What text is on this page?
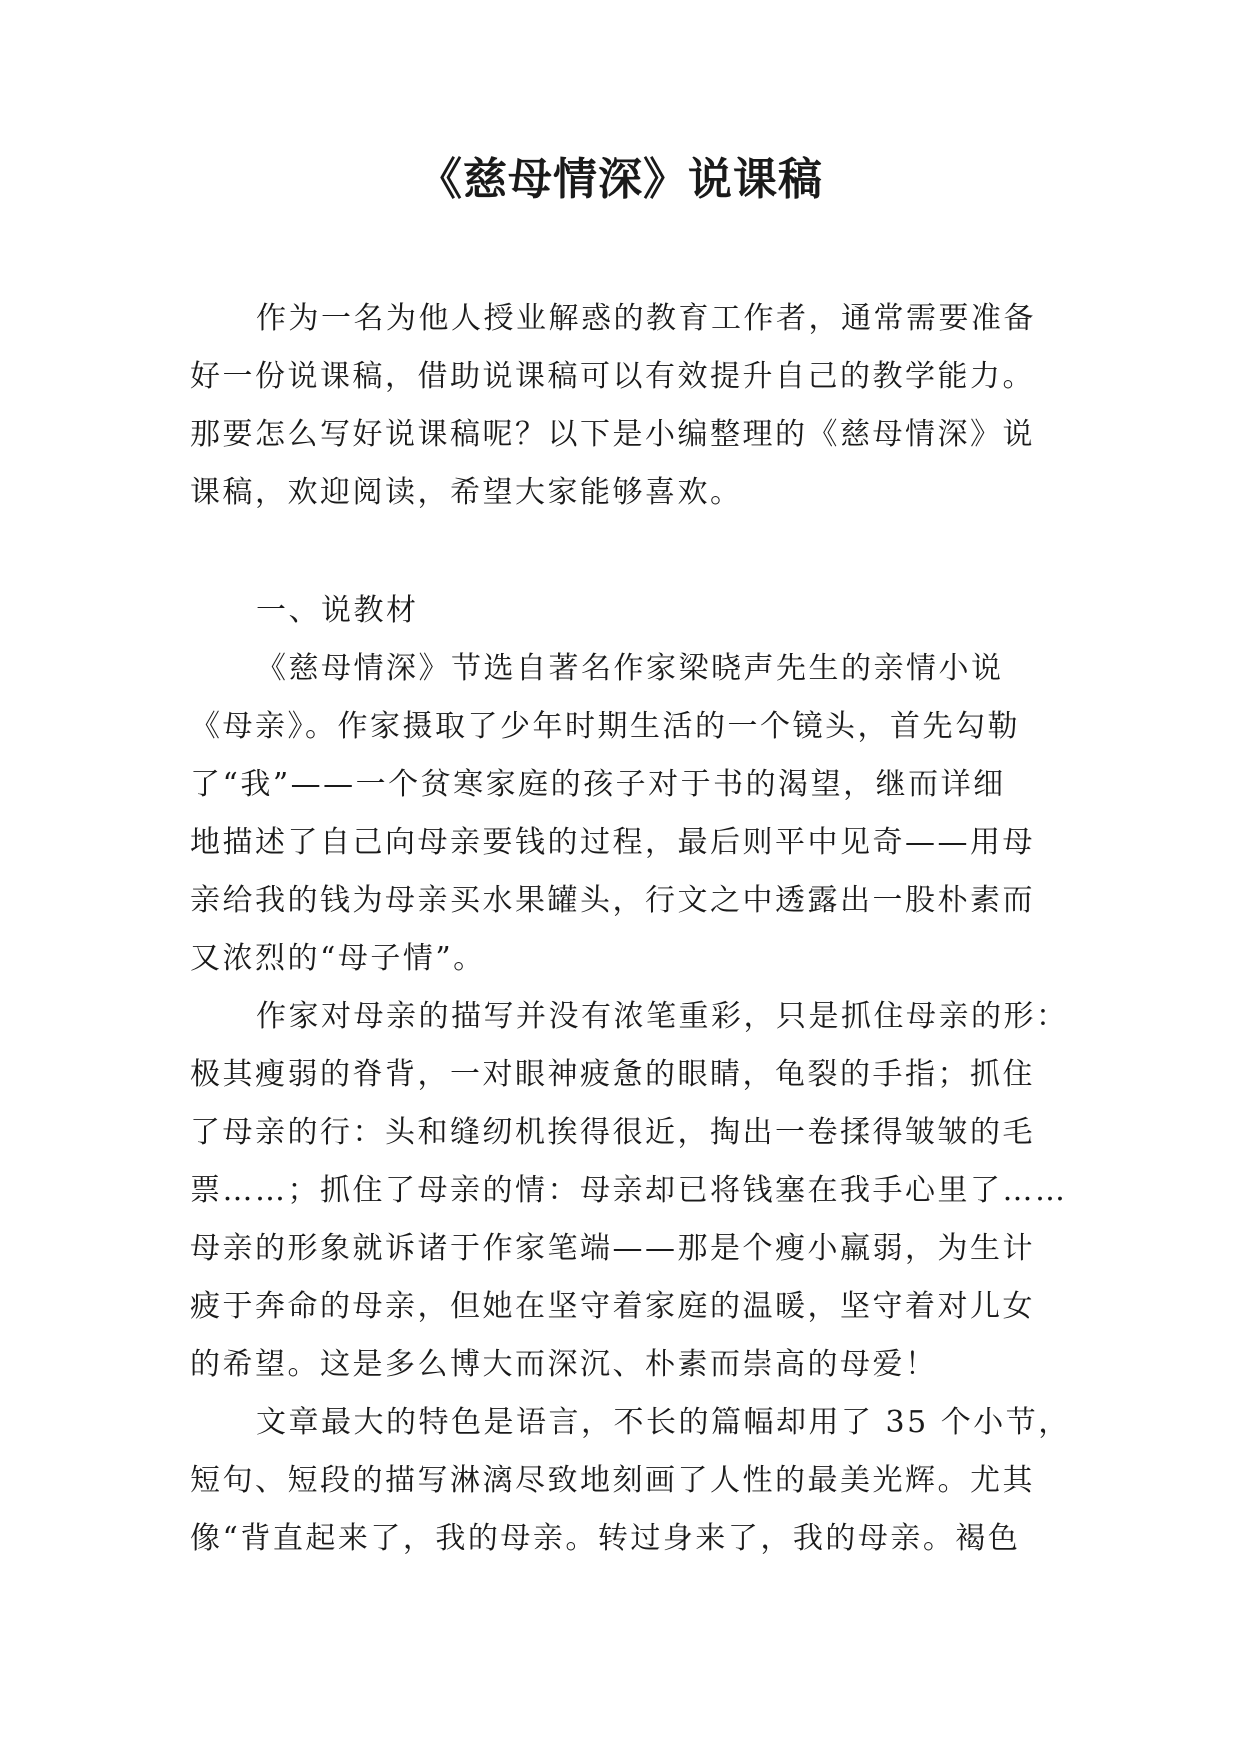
《慈母情深》说课稿
作为一名为他人授业解惑的教育工作者，通常需要准备
好一份说课稿，借助说课稿可以有效提升自己的教学能力。
那要怎么写好说课稿呢？以下是小编整理的《慈母情深》说
课稿，欢迎阅读，希望大家能够喜欢。
一、说教材
《慈母情深》节选自著名作家梁晓声先生的亲情小说
《母亲》。作家摄取了少年时期生活的一个镜头，首先勾勒
了“我”——一个贫寒家庭的孩子对于书的渴望，继而详细
地描述了自己向母亲要钱的过程，最后则平中见奇——用母
亲给我的钱为母亲买水果罐头，行文之中透露出一股朴素而
又浓烈的“母子情”。
作家对母亲的描写并没有浓笔重彩，只是抓住母亲的形：
极其瘦弱的脊背，一对眼神疲惫的眼睛，龟裂的手指；抓住
了母亲的行：头和缝纫机挨得很近，掏出一卷揉得皱皱的毛
票……；抓住了母亲的情：母亲却已将钱塞在我手心里了……
母亲的形象就诉诸于作家笔端——那是个瘦小羸弱，为生计
疲于奔命的母亲，但她在坚守着家庭的温暖，坚守着对儿女
的希望。这是多么博大而深沉、朴素而崇高的母爱！
文章最大的特色是语言，不长的篇幅却用了 35 个小节，
短句、短段的描写淋漓尽致地刻画了人性的最美光辉。尤其
像“背直起来了，我的母亲。转过身来了，我的母亲。褐色
